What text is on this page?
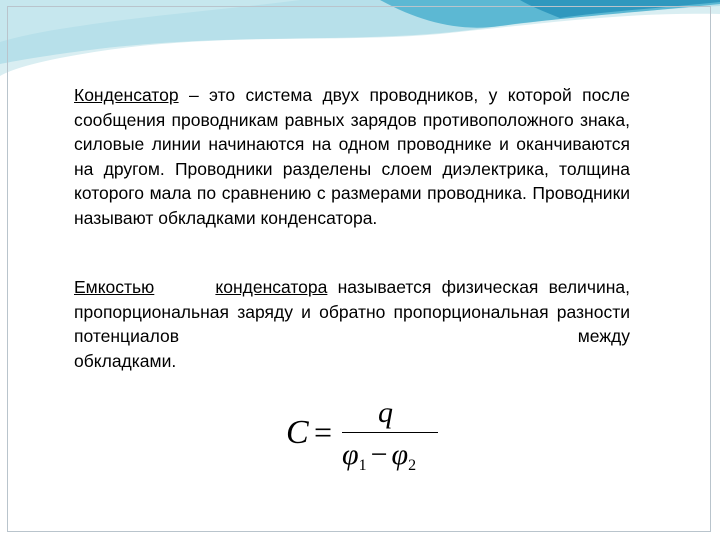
Конденсатор – это система двух проводников, у которой после сообщения проводникам равных зарядов противоположного знака, силовые линии начинаются на одном проводнике и оканчиваются на другом. Проводники разделены слоем диэлектрика, толщина которого мала по сравнению с размерами проводника. Проводники
называют обкладками конденсатора.
Емкостью	конденсатора называется физическая величина, пропорциональная заряду и обратно пропорциональная разности потенциалов между
обкладками.
C =
q
$\varphi_1 - \varphi_2$
